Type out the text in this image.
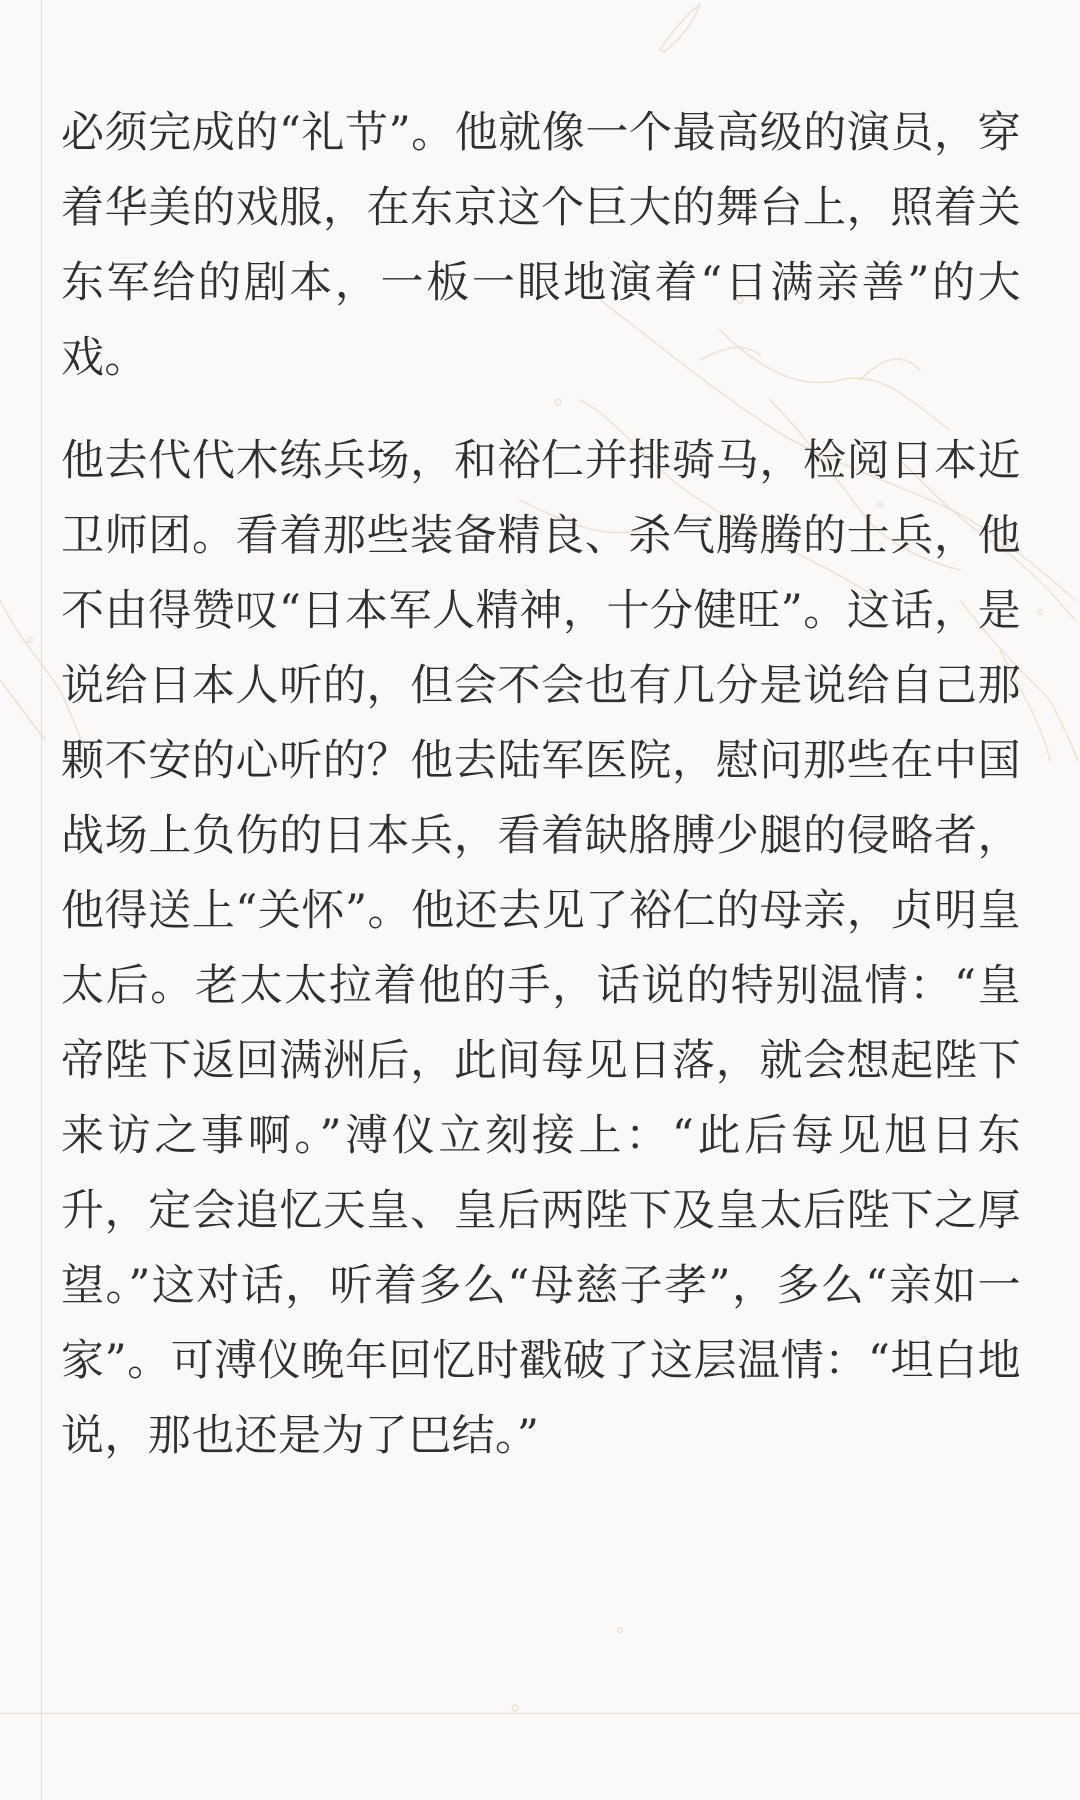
必须完成的“礼节”。他就像一个最高级的演员，穿着华美的戏服，在东京这个巨大的舞台上，照着关东军给的剧本，一板一眼地演着“日满亲善”的大戏。

他去代代木练兵场，和裕仁并排骑马，检阅日本近卫师团。看着那些装备精良、杀气腾腾的士兵，他不由得赞叹“日本军人精神，十分健旺”。这话，是说给日本人听的，但会不会也有几分是说给自己那颗不安的心听的？他去陆军医院，慰问那些在中国战场上负伤的日本兵，看着缺胳膊少腿的侵略者，他得送上“关怀”。他还去见了裕仁的母亲，贞明皇太后。老太太拉着他的手，话说的特别温情：“皇帝陛下返回满洲后，此间每见日落，就会想起陛下来访之事啊。”溥仪立刻接上：“此后每见旭日东升，定会追忆天皇、皇后两陛下及皇太后陛下之厚望。”这对话，听着多么“母慈子孝”，多么“亲如一家”。可溥仪晚年回忆时戳破了这层温情：“坦白地说，那也还是为了巴结。”
